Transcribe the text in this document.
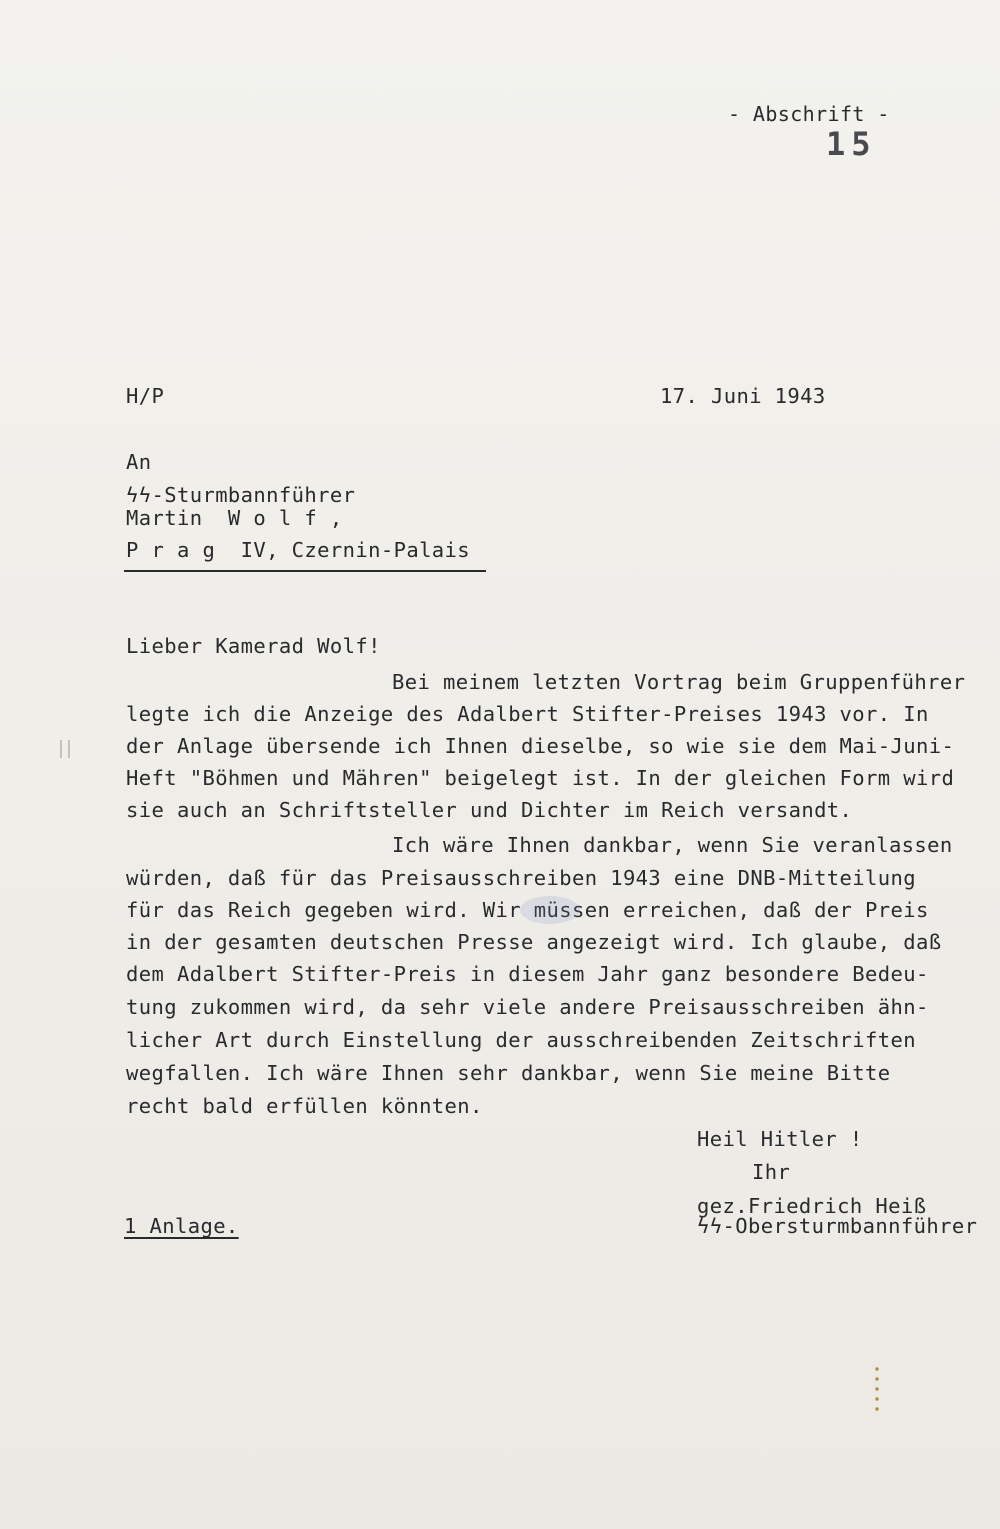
- Abschrift -
15
H/P	17. Juni 1943
An
ϟϟ-Sturmbannführer
Martin  W o l f ,
P r a g  IV, Czernin-Palais
Lieber Kamerad Wolf!
Bei meinem letzten Vortrag beim Gruppenführer
legte ich die Anzeige des Adalbert Stifter-Preises 1943 vor. In
der Anlage übersende ich Ihnen dieselbe, so wie sie dem Mai-Juni-
Heft "Böhmen und Mähren" beigelegt ist. In der gleichen Form wird
sie auch an Schriftsteller und Dichter im Reich versandt.
Ich wäre Ihnen dankbar, wenn Sie veranlassen
würden, daß für das Preisausschreiben 1943 eine DNB-Mitteilung
für das Reich gegeben wird. Wir müssen erreichen, daß der Preis
in der gesamten deutschen Presse angezeigt wird. Ich glaube, daß
dem Adalbert Stifter-Preis in diesem Jahr ganz besondere Bedeu-
tung zukommen wird, da sehr viele andere Preisausschreiben ähn-
licher Art durch Einstellung der ausschreibenden Zeitschriften
wegfallen. Ich wäre Ihnen sehr dankbar, wenn Sie meine Bitte
recht bald erfüllen könnten.
Heil Hitler !
Ihr
gez.Friedrich Heiß
ϟϟ-Obersturmbannführer
1 Anlage.
